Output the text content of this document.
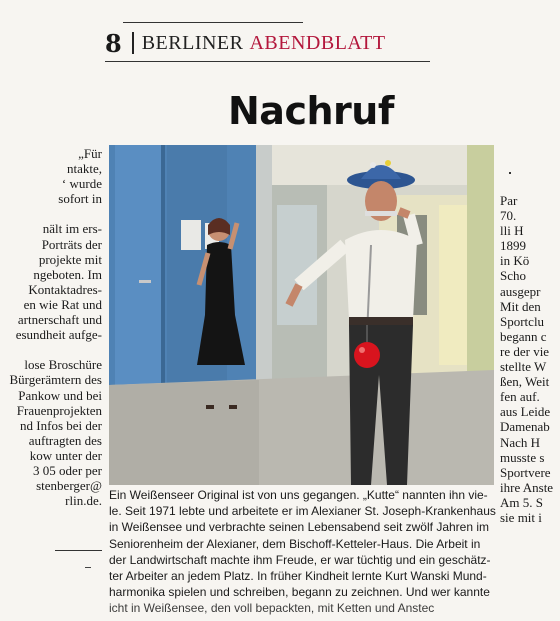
8 BERLINER ABENDBLATT
Nachruf
„Für
ntakte,
‘ wurde
sofort in

nält im ers-
Porträts der
projekte mit
ngeboten. Im
Kontaktadres-
en wie Rat und
artnerschaft und
esundheit aufge-

lose Broschüre
Bürgerämtern des
Pankow und bei
Frauenprojekten
nd Infos bei der
auftragten des
kow unter der
3 05 oder per
stenberger@
rlin.de.
Par
70.
lli H
1899
in Kö
Scho
ausgepr
Mit den
Sportclu
begann c
re der vie
stellte W
ßen, Weit
fen auf.
aus Leide
Damenab
Nach H
musste s
Sportvere
ihre Anste
Am 5. S
sie mit i
Ein Weißenseer Original ist von uns gegangen. „Kutte“ nannten ihn vie-
le. Seit 1971 lebte und arbeitete er im Alexianer St. Joseph-Krankenhaus
in Weißensee und verbrachte seinen Lebensabend seit zwölf Jahren im
Seniorenheim der Alexianer, dem Bischoff-Ketteler-Haus. Die Arbeit in
der Landwirtschaft machte ihm Freude, er war tüchtig und ein geschätz-
ter Arbeiter an jedem Platz. In früher Kindheit lernte Kurt Wanski Mund-
harmonika spielen und schreiben, begann zu zeichnen. Und wer kannte
icht in Weißensee, den voll bepackten, mit Ketten und Anstec
